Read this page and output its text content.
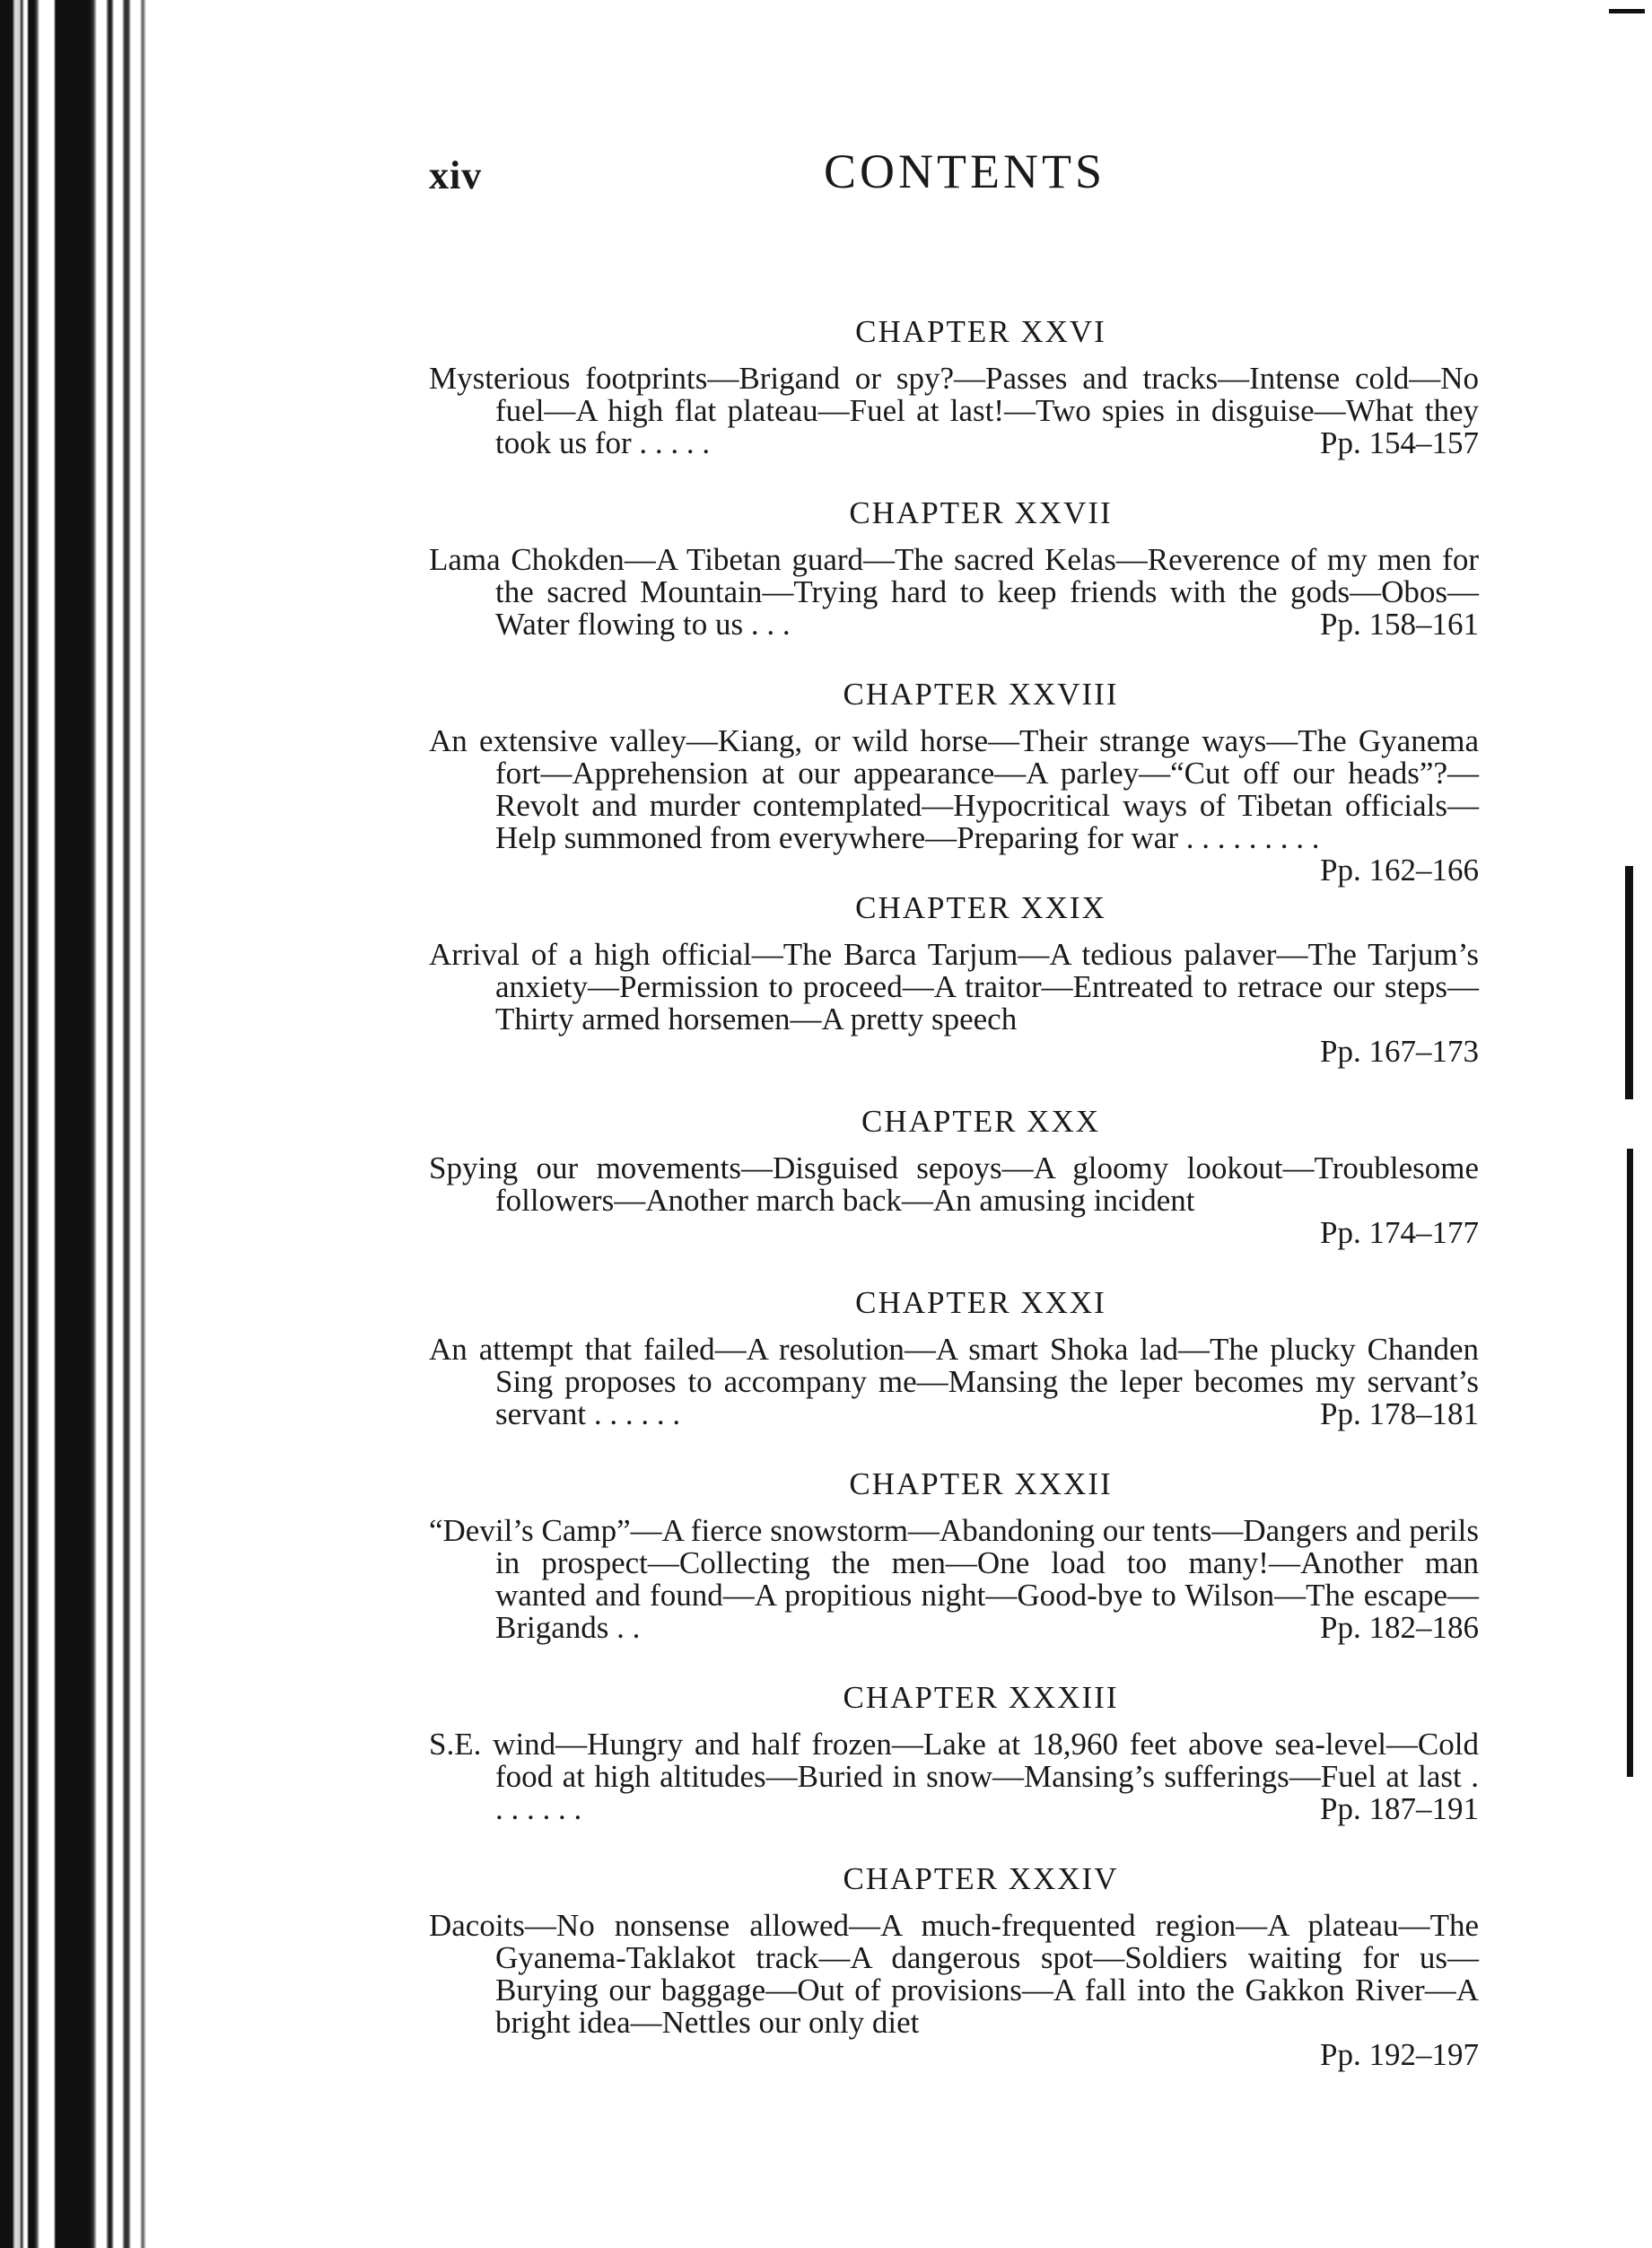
xiv	CONTENTS
CHAPTER XXVI
Mysterious footprints—Brigand or spy?—Passes and tracks—Intense cold—No fuel—A high flat plateau—Fuel at last!—Two spies in disguise—What they took us for . . . . .	Pp. 154–157
CHAPTER XXVII
Lama Chokden—A Tibetan guard—The sacred Kelas—Reverence of my men for the sacred Mountain—Trying hard to keep friends with the gods—Obos—Water flowing to us . . .	Pp. 158–161
CHAPTER XXVIII
An extensive valley—Kiang, or wild horse—Their strange ways—The Gyanema fort—Apprehension at our appearance—A parley—“Cut off our heads”?—Revolt and murder contemplated—Hypocritical ways of Tibetan officials—Help summoned from everywhere—Preparing for war . . . . . . . . .
Pp. 162–166
CHAPTER XXIX
Arrival of a high official—The Barca Tarjum—A tedious palaver—The Tarjum’s anxiety—Permission to proceed—A traitor—Entreated to retrace our steps—Thirty armed horsemen—A pretty speech
Pp. 167–173
CHAPTER XXX
Spying our movements—Disguised sepoys—A gloomy lookout—Troublesome followers—Another march back—An amusing incident
Pp. 174–177
CHAPTER XXXI
An attempt that failed—A resolution—A smart Shoka lad—The plucky Chanden Sing proposes to accompany me—Mansing the leper becomes my servant’s servant . . . . . .	Pp. 178–181
CHAPTER XXXII
“Devil’s Camp”—A fierce snowstorm—Abandoning our tents—Dangers and perils in prospect—Collecting the men—One load too many!—Another man wanted and found—A propitious night—Good-bye to Wilson—The escape—Brigands . .	Pp. 182–186
CHAPTER XXXIII
S.E. wind—Hungry and half frozen—Lake at 18,960 feet above sea-level—Cold food at high altitudes—Buried in snow—Mansing’s sufferings—Fuel at last . . . . . . .	Pp. 187–191
CHAPTER XXXIV
Dacoits—No nonsense allowed—A much-frequented region—A plateau—The Gyanema-Taklakot track—A dangerous spot—Soldiers waiting for us—Burying our baggage—Out of provisions—A fall into the Gakkon River—A bright idea—Nettles our only diet
Pp. 192–197
